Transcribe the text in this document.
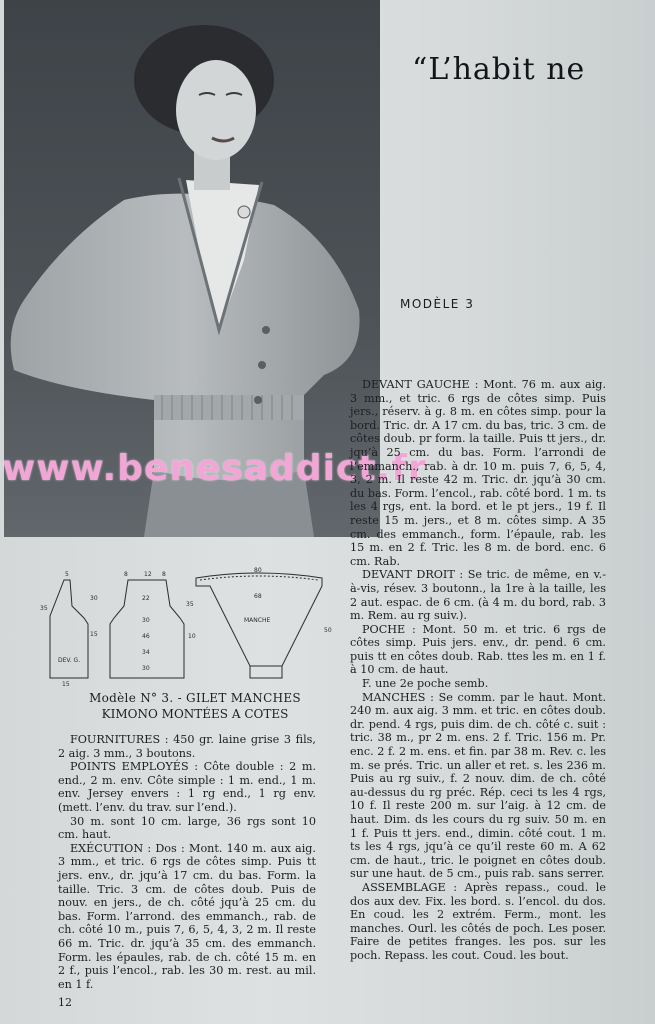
“L’habit ne
MODÈLE 3
www.benesaddict.fr
5
35
30
15
DEV. G.
15
8	12 8
22
30
46
34
30
35
80
68
MANCHE
50
10
Modèle N° 3. - GILET MANCHES
KIMONO MONTÉES A COTES

FOURNITURES : 450 gr. laine grise 3 fils, 2 aig. 3 mm., 3 boutons.

POINTS EMPLOYÉS : Côte double : 2 m. end., 2 m. env. Côte simple : 1 m. end., 1 m. env. Jersey envers : 1 rg end., 1 rg env. (mett. l’env. du trav. sur l’end.).

30 m. sont 10 cm. large, 36 rgs sont 10 cm. haut.

EXÉCUTION : Dos : Mont. 140 m. aux aig. 3 mm., et tric. 6 rgs de côtes simp. Puis tt jers. env., dr. jqu’à 17 cm. du bas. Form. la taille. Tric. 3 cm. de côtes doub. Puis de nouv. en jers., de ch. côté jqu’à 25 cm. du bas. Form. l’arrond. des emmanch., rab. de ch. côté 10 m., puis 7, 6, 5, 4, 3, 2 m. Il reste 66 m. Tric. dr. jqu’à 35 cm. des emmanch. Form. les épaules, rab. de ch. côté 15 m. en 2 f., puis l’encol., rab. les 30 m. rest. au mil. en 1 f.

DEVANT GAUCHE : Mont. 76 m. aux aig. 3 mm., et tric. 6 rgs de côtes simp. Puis jers., réserv. à g. 8 m. en côtes simp. pour la bord. Tric. dr. A 17 cm. du bas, tric. 3 cm. de côtes doub. pr form. la taille. Puis tt jers., dr. jqu’à 25 cm. du bas. Form. l’arrondi de l’emmanch., rab. à dr. 10 m. puis 7, 6, 5, 4, 3, 2 m. Il reste 42 m. Tric. dr. jqu’à 30 cm. du bas. Form. l’encol., rab. côté bord. 1 m. ts les 4 rgs, ent. la bord. et le pt jers., 19 f. Il reste 15 m. jers., et 8 m. côtes simp. A 35 cm. des emmanch., form. l’épaule, rab. les 15 m. en 2 f. Tric. les 8 m. de bord. enc. 6 cm. Rab.

DEVANT DROIT : Se tric. de même, en v.-à-vis, résev. 3 boutonn., la 1re à la taille, les 2 aut. espac. de 6 cm. (à 4 m. du bord, rab. 3 m. Rem. au rg suiv.).

POCHE : Mont. 50 m. et tric. 6 rgs de côtes simp. Puis jers. env., dr. pend. 6 cm. puis tt en côtes doub. Rab. ttes les m. en 1 f. à 10 cm. de haut.

F. une 2e poche semb.

MANCHES : Se comm. par le haut. Mont. 240 m. aux aig. 3 mm. et tric. en côtes doub. dr. pend. 4 rgs, puis dim. de ch. côté c. suit : tric. 38 m., pr 2 m. ens. 2 f. Tric. 156 m. Pr. enc. 2 f. 2 m. ens. et fin. par 38 m. Rev. c. les m. se prés. Tric. un aller et ret. s. les 236 m. Puis au rg suiv., f. 2 nouv. dim. de ch. côté au-dessus du rg préc. Rép. ceci ts les 4 rgs, 10 f. Il reste 200 m. sur l’aig. à 12 cm. de haut. Dim. ds les cours du rg suiv. 50 m. en 1 f. Puis tt jers. end., dimin. côté cout. 1 m. ts les 4 rgs, jqu’à ce qu’il reste 60 m. A 62 cm. de haut., tric. le poignet en côtes doub. sur une haut. de 5 cm., puis rab. sans serrer.

ASSEMBLAGE : Après repass., coud. le dos aux dev. Fix. les bord. s. l’encol. du dos. En coud. les 2 extrém. Ferm., mont. les manches. Ourl. les côtés de poch. Les poser. Faire de petites franges. les pos. sur les poch. Repass. les cout. Coud. les bout.

12
